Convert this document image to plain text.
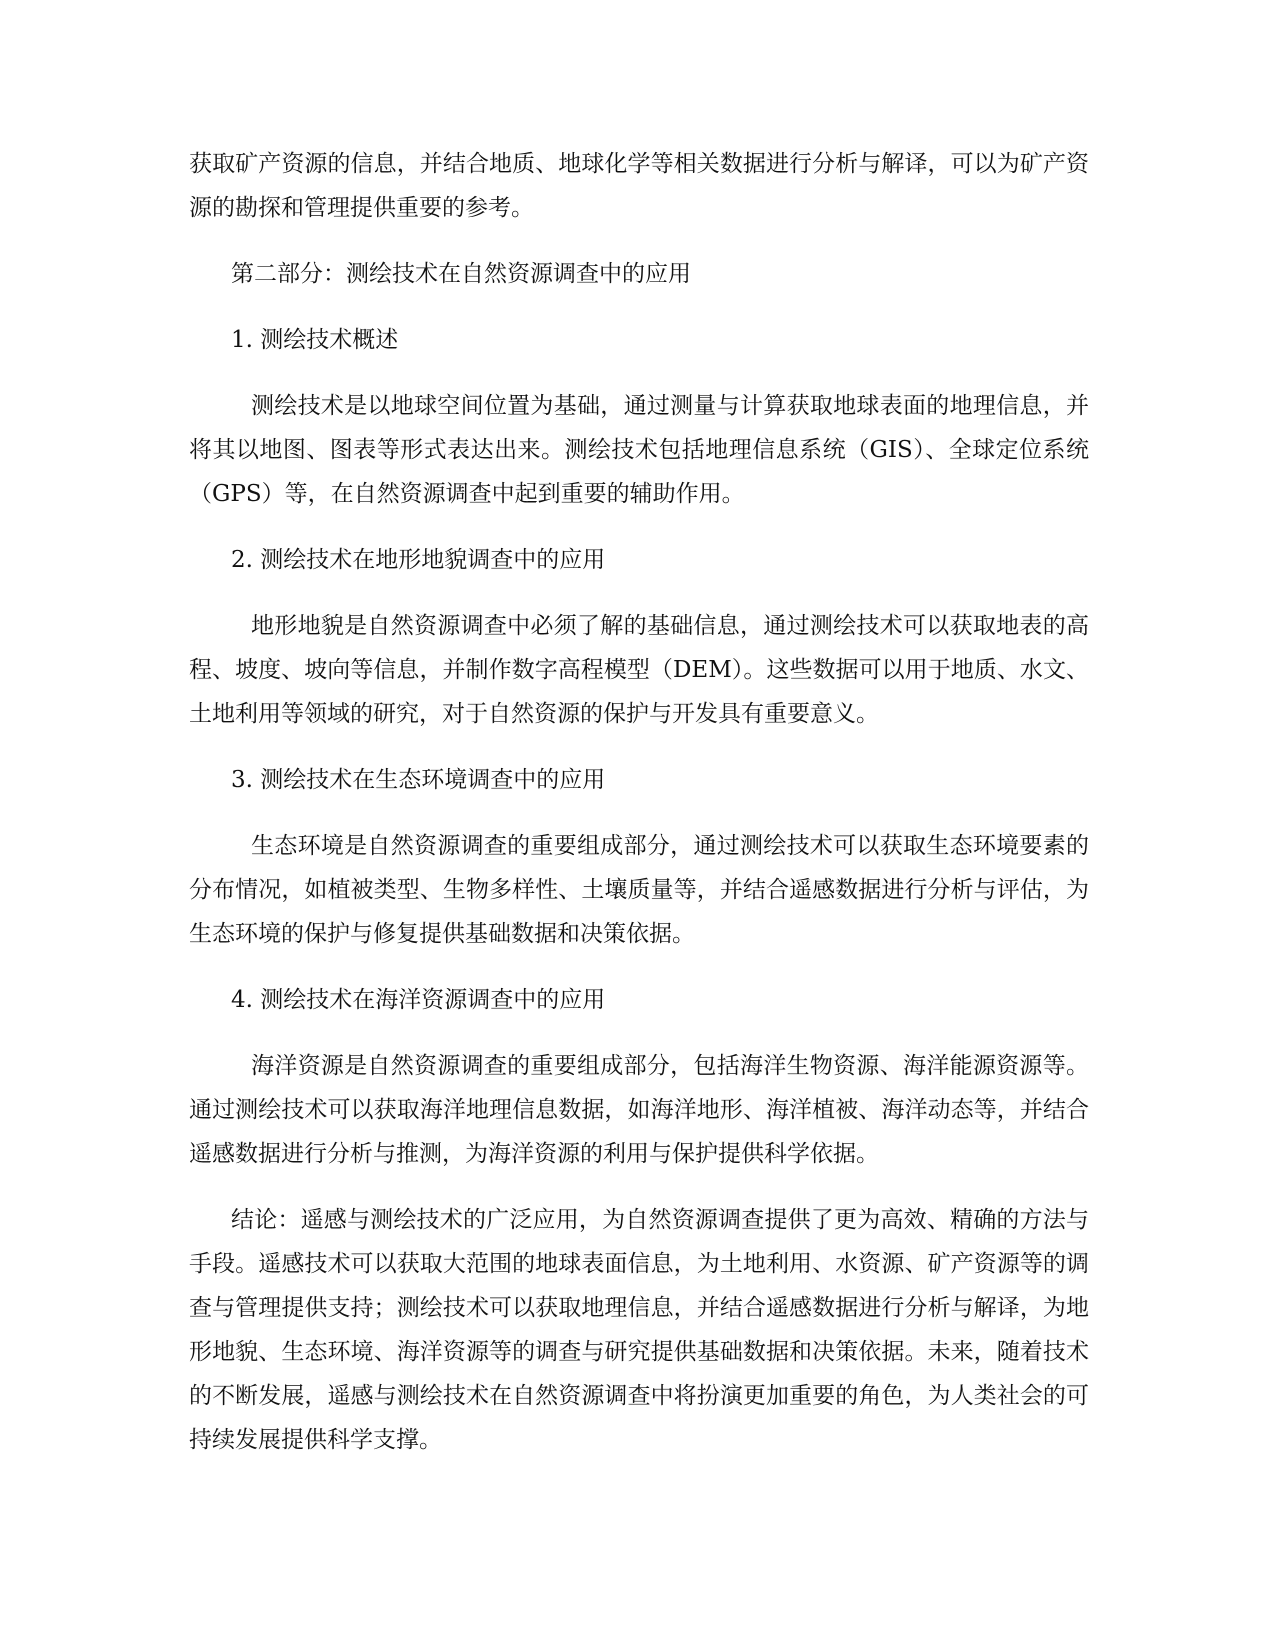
获取矿产资源的信息，并结合地质、地球化学等相关数据进行分析与解译，可以为矿产资源的勘探和管理提供重要的参考。

第二部分：测绘技术在自然资源调查中的应用

1. 测绘技术概述

测绘技术是以地球空间位置为基础，通过测量与计算获取地球表面的地理信息，并将其以地图、图表等形式表达出来。测绘技术包括地理信息系统（GIS）、全球定位系统（GPS）等，在自然资源调查中起到重要的辅助作用。

2. 测绘技术在地形地貌调查中的应用

地形地貌是自然资源调查中必须了解的基础信息，通过测绘技术可以获取地表的高程、坡度、坡向等信息，并制作数字高程模型（DEM）。这些数据可以用于地质、水文、土地利用等领域的研究，对于自然资源的保护与开发具有重要意义。

3. 测绘技术在生态环境调查中的应用

生态环境是自然资源调查的重要组成部分，通过测绘技术可以获取生态环境要素的分布情况，如植被类型、生物多样性、土壤质量等，并结合遥感数据进行分析与评估，为生态环境的保护与修复提供基础数据和决策依据。

4. 测绘技术在海洋资源调查中的应用

海洋资源是自然资源调查的重要组成部分，包括海洋生物资源、海洋能源资源等。通过测绘技术可以获取海洋地理信息数据，如海洋地形、海洋植被、海洋动态等，并结合遥感数据进行分析与推测，为海洋资源的利用与保护提供科学依据。

结论：遥感与测绘技术的广泛应用，为自然资源调查提供了更为高效、精确的方法与手段。遥感技术可以获取大范围的地球表面信息，为土地利用、水资源、矿产资源等的调查与管理提供支持；测绘技术可以获取地理信息，并结合遥感数据进行分析与解译，为地形地貌、生态环境、海洋资源等的调查与研究提供基础数据和决策依据。未来，随着技术的不断发展，遥感与测绘技术在自然资源调查中将扮演更加重要的角色，为人类社会的可持续发展提供科学支撑。
